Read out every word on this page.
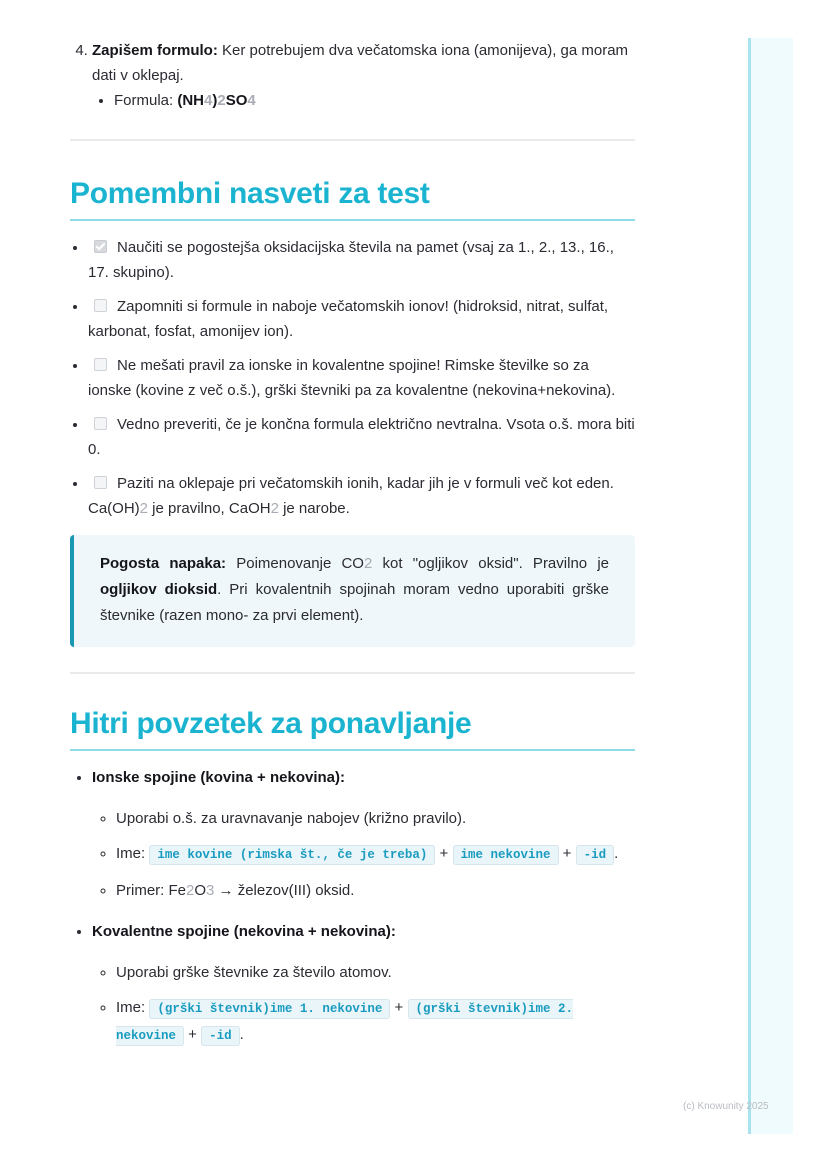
4. Zapišem formulo: Ker potrebujem dva večatomska iona (amonijeva), ga moram dati v oklepaj.
• Formula: (NH4)2SO4
Pomembni nasveti za test
• Naučiti se pogostejša oksidacijska števila na pamet (vsaj za 1., 2., 13., 16., 17. skupino).
• Zapomniti si formule in naboje večatomskih ionov! (hidroksid, nitrat, sulfat, karbonat, fosfat, amonijev ion).
• Ne mešati pravil za ionske in kovalentne spojine! Rimske številke so za ionske (kovine z več o.š.), grški števniki pa za kovalentne (nekovina+nekovina).
• Vedno preveriti, če je končna formula električno nevtralna. Vsota o.š. mora biti 0.
• Paziti na oklepaje pri večatomskih ionih, kadar jih je v formuli več kot eden. Ca(OH)2 je pravilno, CaOH2 je narobe.
Pogosta napaka: Poimenovanje CO2 kot "ogljikov oksid". Pravilno je ogljikov dioksid. Pri kovalentnih spojinah moram vedno uporabiti grške števnike (razen mono- za prvi element).
Hitri povzetek za ponavljanje
• Ionske spojine (kovina + nekovina):
◦ Uporabi o.š. za uravnavanje nabojev (križno pravilo).
◦ Ime: ime kovine (rimska št., če je treba) + ime nekovine + -id .
◦ Primer: Fe2O3 → železov(III) oksid.
• Kovalentne spojine (nekovina + nekovina):
◦ Uporabi grške števnike za število atomov.
◦ Ime: (grški števnik)ime 1. nekovine + (grški števnik)ime 2. nekovine + -id .
(c) Knowunity 2025
